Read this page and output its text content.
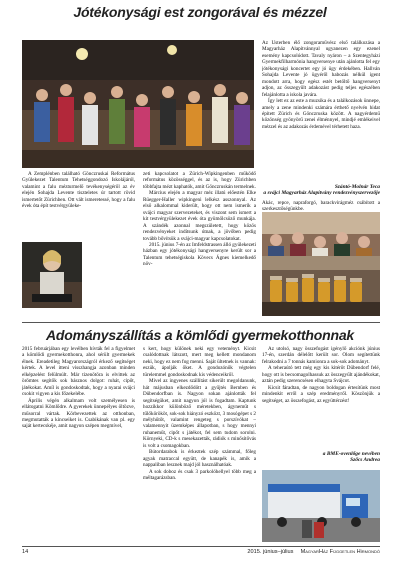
Jótékonysági est zongorával és mézzel

A Zemplénben található Gönczruskai Református Gyülekezet Talentum Tehetséggondozó Iskolájáról, valamint a falu mézturmelő tevékenységéről az év elején Sohajda Levente tiszteletes úr tartott rövid ismertetőt Zürichben. Ott vált ismeretessé, hogy a falu évek óta épít testvérgyüleke-

zeti kapcsolatot a Zürich-Wipkingenben működő református közösséggel, és az is, hogy Zürichben többfajta mézt kaphatók, amit Gönczruskán termelnek.

Március elején a magyar méz illatú előestén Elke Rüegger-Haller wipkingeni lelkész asszonnyal. Az első alkalommal kiderült, hogy ott nem ismerik a svájci magyar szervezeteket, és viszont sem ismert a kit testvérgyülekezet évek óta gyümölcsöző munkája. A szándék azonnal megszületett, hogy közös rendezvényeket indítsunk útnak, a jövőben pedig tovább bővítsük a svájci-magyar kapcsolatokat.

2015. június 7-én az Imfeldstrassen álló gyülekezeti házban egy jótékonysági hangversenyre került sor a Talentum tehetségiskola Kövecs Ágnes kiemelkedő növ-

Az Usterben élő zongoraművész első találkozása a Magyarház Alapítvánnyal ugyanezen egy ezenel esemény kapcsolódott. Tavaly nyáron – a Szentegyházi Gyermekfilharmónia hangversenye után ajánlotta fel egy jótékonysági koncertet egy jó ügy érdekében. Hallván Sohajda Levente jó ügyéről habozás nélkül igent mondott arra, hogy egész estét betöltő hangversenyt adjon, az összegyűlt adakozást pedig teljes egészében felajánlotta a iskola javára.

Így lett ez az este a muzsika és a találkozások ünnepe, amely a zene mindenki számára érthető nyelvén hidat épített Zürich és Gönczruska között. A nagyérdemű közönség gyönyörű zenei élménnyel, mindjé emlékeivel mézzel és az adakozás érdemével térhetett haza.

Szántó-Molnár Teca
a svájci Magyarház Alapítvány rendezvényszervezője

Akác, repce, napraforgó, barackvirágméz csábított a szerkesztőségünkbe.

Adományszállítás a kömlődi gyermekotthonnak

2015 februárjában egy levélben hívták fel a figyelmet a kömlődi gyermekotthonra, ahol sérült gyermekek élnek. Ereadetileg Magyarországról érkező segítséget kértek. A level itteni visszhangja azonban minden elképzelést felülmúlt. Már tizenötöra is elvittek az örömtes segítők sok básznos dolgot: ruhát, cipőt, játékokat. Amíl is gondoskodtak, hogy a nyarai svájci csokit vigyen a kis főzekelébe.

Április végén alkalmam volt személyesen is ellátogatni Kömlődre. A gyerekek ünnepélyes öltözve, műsorral vártak. Körbevezettek az otthonban, megmutatták a kincseiket is. Csabikának van pl. egy saját kertecskéje, amit nagyon szépen megmível,

s kert, hogy különek neki egy veteményt. Kicsit csalódottnak látszott, mert meg kellett mondanom neki, hogy ez nem fog menni. Saját ültetnek is vannak: eszük, ápolják őket. A gondozónők végtelen türelemmel gondoskodnak kis védenceikről.

Mivel az ingyenes szállítást sikerült megoldanunk, hát májusban elkezdődött a gyűjtés Bernben és Dübendorfban is. Nagyon sokan ajánlották fel segítségüket, amit nagyon jól is fogadtam. Kaptunk hozzikkor különböző méretekben, ágyneműt s tűlőkörököt, sok-sok hiányzó eszközt, 3 mosógépet s 2 mélyhűtőt, valamint rengeteg s porszívókat – valamennyit üzemképes állapotban, s hogy mennyi ruhaneműt, cipőt s játékot, fel sem tudom sorolni. Környeki, CD-k s mesekazetták, rádiók s minősítővás is volt a csomagokban.

Bútordarabok is érkeztek szép számmal, főleg agyak matraccal együtt, de kanapék is, amik a nappaliban lesznek majd jól használhatóak.

A sok doboz és csak 3 parkolóhellyel több meg a méltagarázsban.

Az utolsó, nagy összefogást igénylő akciónk június 17-én, szerdán délelőtt került sor. Olom segítettünk felrakodni a 7 tonnás kamionra a sok-sok adományt.

A teheraútó tett még egy kis kitérőt Dübendorf felé, hogy ott is becsomagolhassuk az összegyűlt ajándékokat, aztán pedig szerencsésen elhagyta Svájcot.

Kicsit fáradtan, de nagyon boldogan értesítünk most mindenkit erről a szép eredményről. Köszönjük a segítséget, az összefogást, az együttérzést!

a BME-ovenlőge nevében
Szőcs Andrea
14	2015. június–július MagyarHáz Független Hírmondó
